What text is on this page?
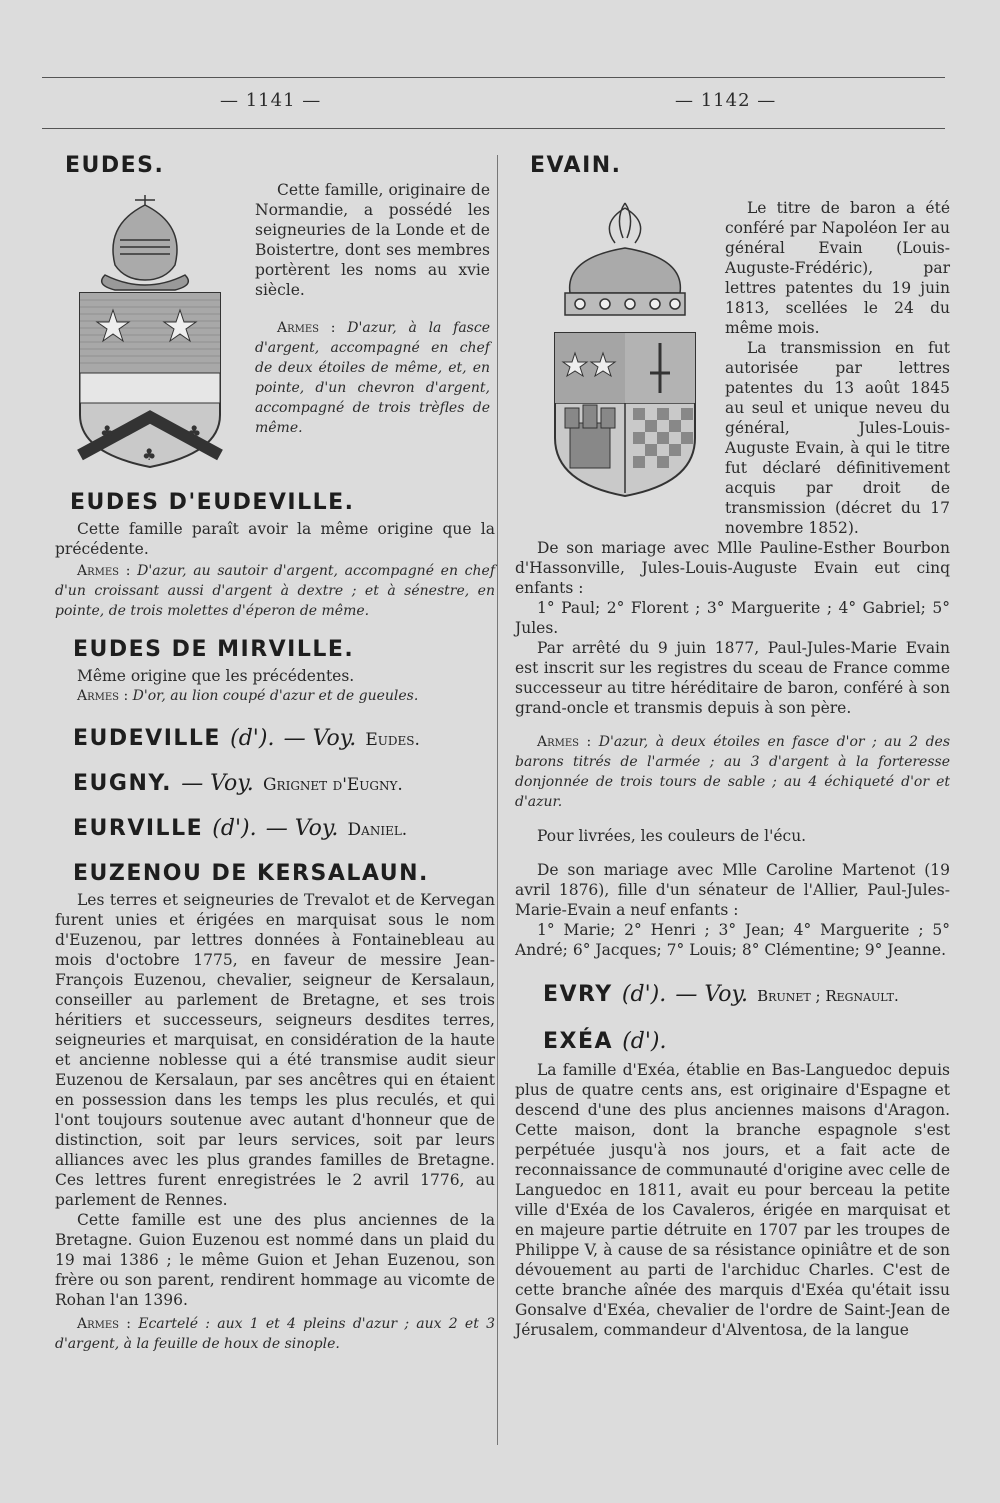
— 1141 —	— 1142 —
EUDES.
♣	♣
♣

Cette famille, originaire de Normandie, a possédé les seigneuries de la Londe et de Boistertre, dont ses membres portèrent les noms au xvie siècle.

Armes : D'azur, à la fasce d'argent, accompagné en chef de deux étoiles de même, et, en pointe, d'un chevron d'argent, accompagné de trois trèfles de même.

EUDES D'EUDEVILLE.

Cette famille paraît avoir la même origine que la précédente.

Armes : D'azur, au sautoir d'argent, accompagné en chef d'un croissant aussi d'argent à dextre ; et à sénestre, en pointe, de trois molettes d'éperon de même.

EUDES DE MIRVILLE.

Même origine que les précédentes.

Armes : D'or, au lion coupé d'azur et de gueules.

EUDEVILLE (d'). — Voy. Eudes.
EUGNY. — Voy. Grignet d'Eugny.
EURVILLE (d'). — Voy. Daniel.
EUZENOU DE KERSALAUN.

Les terres et seigneuries de Trevalot et de Kervegan furent unies et érigées en marquisat sous le nom d'Euzenou, par lettres données à Fontainebleau au mois d'octobre 1775, en faveur de messire Jean-François Euzenou, chevalier, seigneur de Kersalaun, conseiller au parlement de Bretagne, et ses trois héritiers et successeurs, seigneurs desdites terres, seigneuries et marquisat, en considération de la haute et ancienne noblesse qui a été transmise audit sieur Euzenou de Kersalaun, par ses ancêtres qui en étaient en possession dans les temps les plus reculés, et qui l'ont toujours soutenue avec autant d'honneur que de distinction, soit par leurs services, soit par leurs alliances avec les plus grandes familles de Bretagne. Ces lettres furent enregistrées le 2 avril 1776, au parlement de Rennes.

Cette famille est une des plus anciennes de la Bretagne. Guion Euzenou est nommé dans un plaid du 19 mai 1386 ; le même Guion et Jehan Euzenou, son frère ou son parent, rendirent hommage au vicomte de Rohan l'an 1396.

Armes : Ecartelé : aux 1 et 4 pleins d'azur ; aux 2 et 3 d'argent, à la feuille de houx de sinople.

EVAIN.

Le titre de baron a été conféré par Napoléon Ier au général Evain (Louis-Auguste-Frédéric), par lettres patentes du 19 juin 1813, scellées le 24 du même mois.

La transmission en fut autorisée par lettres patentes du 13 août 1845 au seul et unique neveu du général, Jules-Louis-Auguste Evain, à qui le titre fut déclaré définitivement acquis par droit de transmission (décret du 17 novembre 1852).

De son mariage avec Mlle Pauline-Esther Bourbon d'Hassonville, Jules-Louis-Auguste Evain eut cinq enfants :

1° Paul; 2° Florent ; 3° Marguerite ; 4° Gabriel; 5° Jules.

Par arrêté du 9 juin 1877, Paul-Jules-Marie Evain est inscrit sur les registres du sceau de France comme successeur au titre héréditaire de baron, conféré à son grand-oncle et transmis depuis à son père.

Armes : D'azur, à deux étoiles en fasce d'or ; au 2 des barons titrés de l'armée ; au 3 d'argent à la forteresse donjonnée de trois tours de sable ; au 4 échiqueté d'or et d'azur.

Pour livrées, les couleurs de l'écu.

De son mariage avec Mlle Caroline Martenot (19 avril 1876), fille d'un sénateur de l'Allier, Paul-Jules-Marie-Evain a neuf enfants :

1° Marie; 2° Henri ; 3° Jean; 4° Marguerite ; 5° André; 6° Jacques; 7° Louis; 8° Clémentine; 9° Jeanne.

EVRY (d'). — Voy. Brunet ; Regnault.
EXÉA (d').

La famille d'Exéa, établie en Bas-Languedoc depuis plus de quatre cents ans, est originaire d'Espagne et descend d'une des plus anciennes maisons d'Aragon. Cette maison, dont la branche espagnole s'est perpétuée jusqu'à nos jours, et a fait acte de reconnaissance de communauté d'origine avec celle de Languedoc en 1811, avait eu pour berceau la petite ville d'Exéa de los Cavaleros, érigée en marquisat et en majeure partie détruite en 1707 par les troupes de Philippe V, à cause de sa résistance opiniâtre et de son dévouement au parti de l'archiduc Charles. C'est de cette branche aînée des marquis d'Exéa qu'était issu Gonsalve d'Exéa, chevalier de l'ordre de Saint-Jean de Jérusalem, commandeur d'Alventosa, de la langue
